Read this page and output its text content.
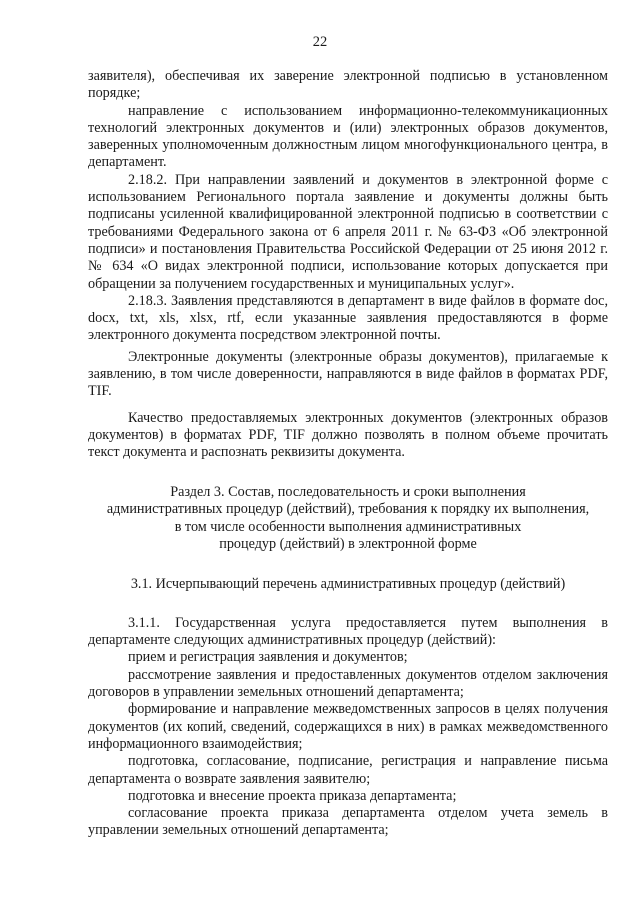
22

заявителя), обеспечивая их заверение электронной подписью в установленном порядке;

направление с использованием информационно-телекоммуникационных технологий электронных документов и (или) электронных образов документов, заверенных уполномоченным должностным лицом многофункционального центра, в департамент.

2.18.2. При направлении заявлений и документов в электронной форме с использованием Регионального портала заявление и документы должны быть подписаны усиленной квалифицированной электронной подписью в соответствии с требованиями Федерального закона от 6 апреля 2011 г. № 63-ФЗ «Об электронной подписи» и постановления Правительства Российской Федерации от 25 июня 2012 г. № 634 «О видах электронной подписи, использование которых допускается при обращении за получением государственных и муниципальных услуг».

2.18.3. Заявления представляются в департамент в виде файлов в формате doc, docx, txt, xls, xlsx, rtf, если указанные заявления предоставляются в форме электронного документа посредством электронной почты.

Электронные документы (электронные образы документов), прилагаемые к заявлению, в том числе доверенности, направляются в виде файлов в форматах PDF, TIF.

Качество предоставляемых электронных документов (электронных образов документов) в форматах PDF, TIF должно позволять в полном объеме прочитать текст документа и распознать реквизиты документа.

Раздел 3. Состав, последовательность и сроки выполнения

административных процедур (действий), требования к порядку их выполнения,

в том числе особенности выполнения административных

процедур (действий) в электронной форме

3.1. Исчерпывающий перечень административных процедур (действий)

3.1.1. Государственная услуга предоставляется путем выполнения в департаменте следующих административных процедур (действий):

прием и регистрация заявления и документов;

рассмотрение заявления и предоставленных документов отделом заключения договоров в управлении земельных отношений департамента;

формирование и направление межведомственных запросов в целях получения документов (их копий, сведений, содержащихся в них) в рамках межведомственного информационного взаимодействия;

подготовка, согласование, подписание, регистрация и направление письма департамента о возврате заявления заявителю;

подготовка и внесение проекта приказа департамента;

согласование проекта приказа департамента отделом учета земель в управлении земельных отношений департамента;
